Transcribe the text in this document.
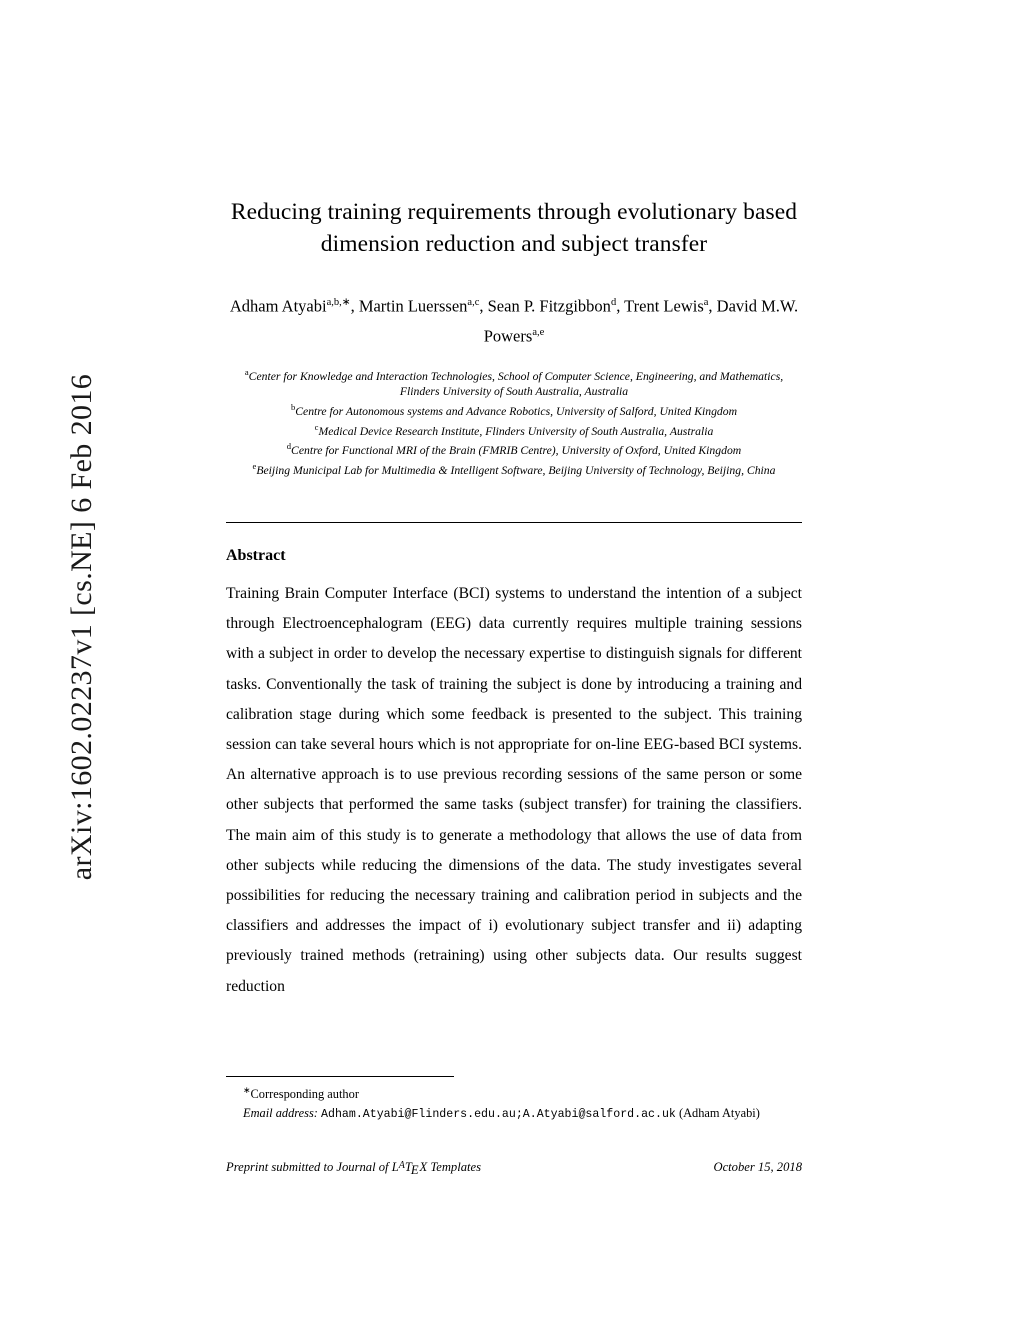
arXiv:1602.02237v1 [cs.NE] 6 Feb 2016
Reducing training requirements through evolutionary based dimension reduction and subject transfer
Adham Atyabi$^{a,b,∗}$, Martin Luerssen$^{a,c}$, Sean P. Fitzgibbon$^d$, Trent Lewis$^a$, David M.W. Powers$^{a,e}$
$^a$Center for Knowledge and Interaction Technologies, School of Computer Science, Engineering, and Mathematics, Flinders University of South Australia, Australia
$^b$Centre for Autonomous systems and Advance Robotics, University of Salford, United Kingdom
$^c$Medical Device Research Institute, Flinders University of South Australia, Australia
$^d$Centre for Functional MRI of the Brain (FMRIB Centre), University of Oxford, United Kingdom
$^e$Beijing Municipal Lab for Multimedia & Intelligent Software, Beijing University of Technology, Beijing, China
Abstract
Training Brain Computer Interface (BCI) systems to understand the intention of a subject through Electroencephalogram (EEG) data currently requires multiple training sessions with a subject in order to develop the necessary expertise to distinguish signals for different tasks. Conventionally the task of training the subject is done by introducing a training and calibration stage during which some feedback is presented to the subject. This training session can take several hours which is not appropriate for on-line EEG-based BCI systems. An alternative approach is to use previous recording sessions of the same person or some other subjects that performed the same tasks (subject transfer) for training the classifiers. The main aim of this study is to generate a methodology that allows the use of data from other subjects while reducing the dimensions of the data. The study investigates several possibilities for reducing the necessary training and calibration period in subjects and the classifiers and addresses the impact of i) evolutionary subject transfer and ii) adapting previously trained methods (retraining) using other subjects data. Our results suggest reduction
∗Corresponding author
Email address: Adham.Atyabi@Flinders.edu.au;A.Atyabi@salford.ac.uk (Adham Atyabi)
Preprint submitted to Journal of $L^ATEX$ Templates	October 15, 2018
